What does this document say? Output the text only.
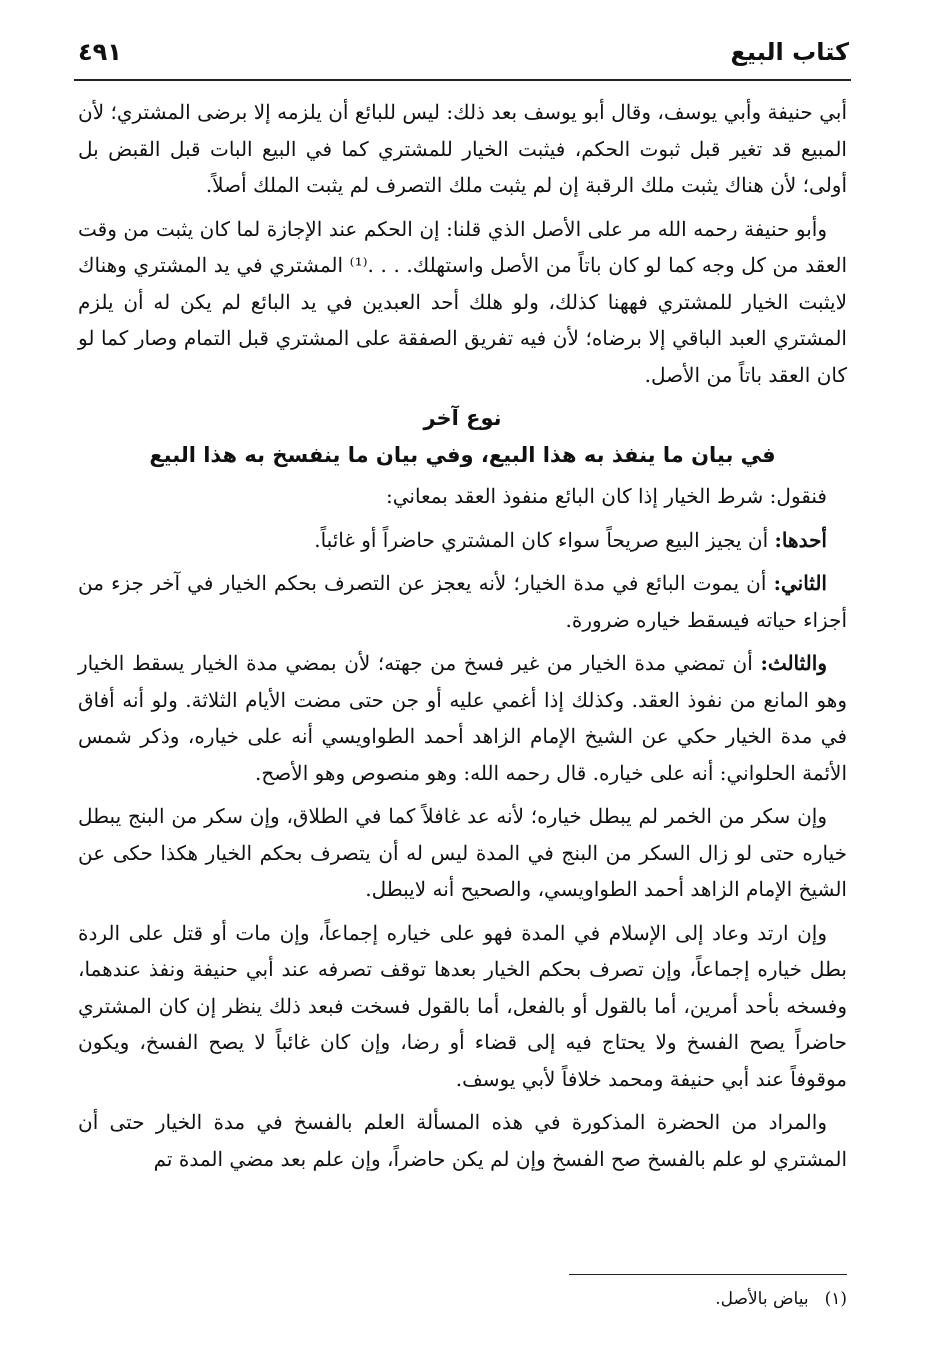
كتاب البيع
٤٩١

أبي حنيفة وأبي يوسف، وقال أبو يوسف بعد ذلك: ليس للبائع أن يلزمه إلا برضى المشتري؛ لأن المبيع قد تغير قبل ثبوت الحكم، فيثبت الخيار للمشتري كما في البيع البات قبل القبض بل أولى؛ لأن هناك يثبت ملك الرقبة إن لم يثبت ملك التصرف لم يثبت الملك أصلاً.

وأبو حنيفة رحمه الله مر على الأصل الذي قلنا: إن الحكم عند الإجازة لما كان يثبت من وقت العقد من كل وجه كما لو كان باتاً من الأصل واستهلك. . . .⁽¹⁾ المشتري في يد المشتري وهناك لايثبت الخيار للمشتري فههنا كذلك، ولو هلك أحد العبدين في يد البائع لم يكن له أن يلزم المشتري العبد الباقي إلا برضاه؛ لأن فيه تفريق الصفقة على المشتري قبل التمام وصار كما لو كان العقد باتاً من الأصل.

نوع آخر
في بيان ما ينفذ به هذا البيع، وفي بيان ما ينفسخ به هذا البيع

فنقول: شرط الخيار إذا كان البائع منفوذ العقد بمعاني:

أحدها: أن يجيز البيع صريحاً سواء كان المشتري حاضراً أو غائباً.

الثاني: أن يموت البائع في مدة الخيار؛ لأنه يعجز عن التصرف بحكم الخيار في آخر جزء من أجزاء حياته فيسقط خياره ضرورة.

والثالث: أن تمضي مدة الخيار من غير فسخ من جهته؛ لأن بمضي مدة الخيار يسقط الخيار وهو المانع من نفوذ العقد. وكذلك إذا أغمي عليه أو جن حتى مضت الأيام الثلاثة. ولو أنه أفاق في مدة الخيار حكي عن الشيخ الإمام الزاهد أحمد الطواويسي أنه على خياره، وذكر شمس الأئمة الحلواني: أنه على خياره. قال رحمه الله: وهو منصوص وهو الأصح.

وإن سكر من الخمر لم يبطل خياره؛ لأنه عد غافلاً كما في الطلاق، وإن سكر من البنج يبطل خياره حتى لو زال السكر من البنج في المدة ليس له أن يتصرف بحكم الخيار هكذا حكى عن الشيخ الإمام الزاهد أحمد الطواويسي، والصحيح أنه لايبطل.

وإن ارتد وعاد إلى الإسلام في المدة فهو على خياره إجماعاً، وإن مات أو قتل على الردة بطل خياره إجماعاً، وإن تصرف بحكم الخيار بعدها توقف تصرفه عند أبي حنيفة ونفذ عندهما، وفسخه بأحد أمرين، أما بالقول أو بالفعل، أما بالقول فسخت فبعد ذلك ينظر إن كان المشتري حاضراً يصح الفسخ ولا يحتاج فيه إلى قضاء أو رضا، وإن كان غائباً لا يصح الفسخ، ويكون موقوفاً عند أبي حنيفة ومحمد خلافاً لأبي يوسف.

والمراد من الحضرة المذكورة في هذه المسألة العلم بالفسخ في مدة الخيار حتى أن المشتري لو علم بالفسخ صح الفسخ وإن لم يكن حاضراً، وإن علم بعد مضي المدة تم

(١)بياض بالأصل.
